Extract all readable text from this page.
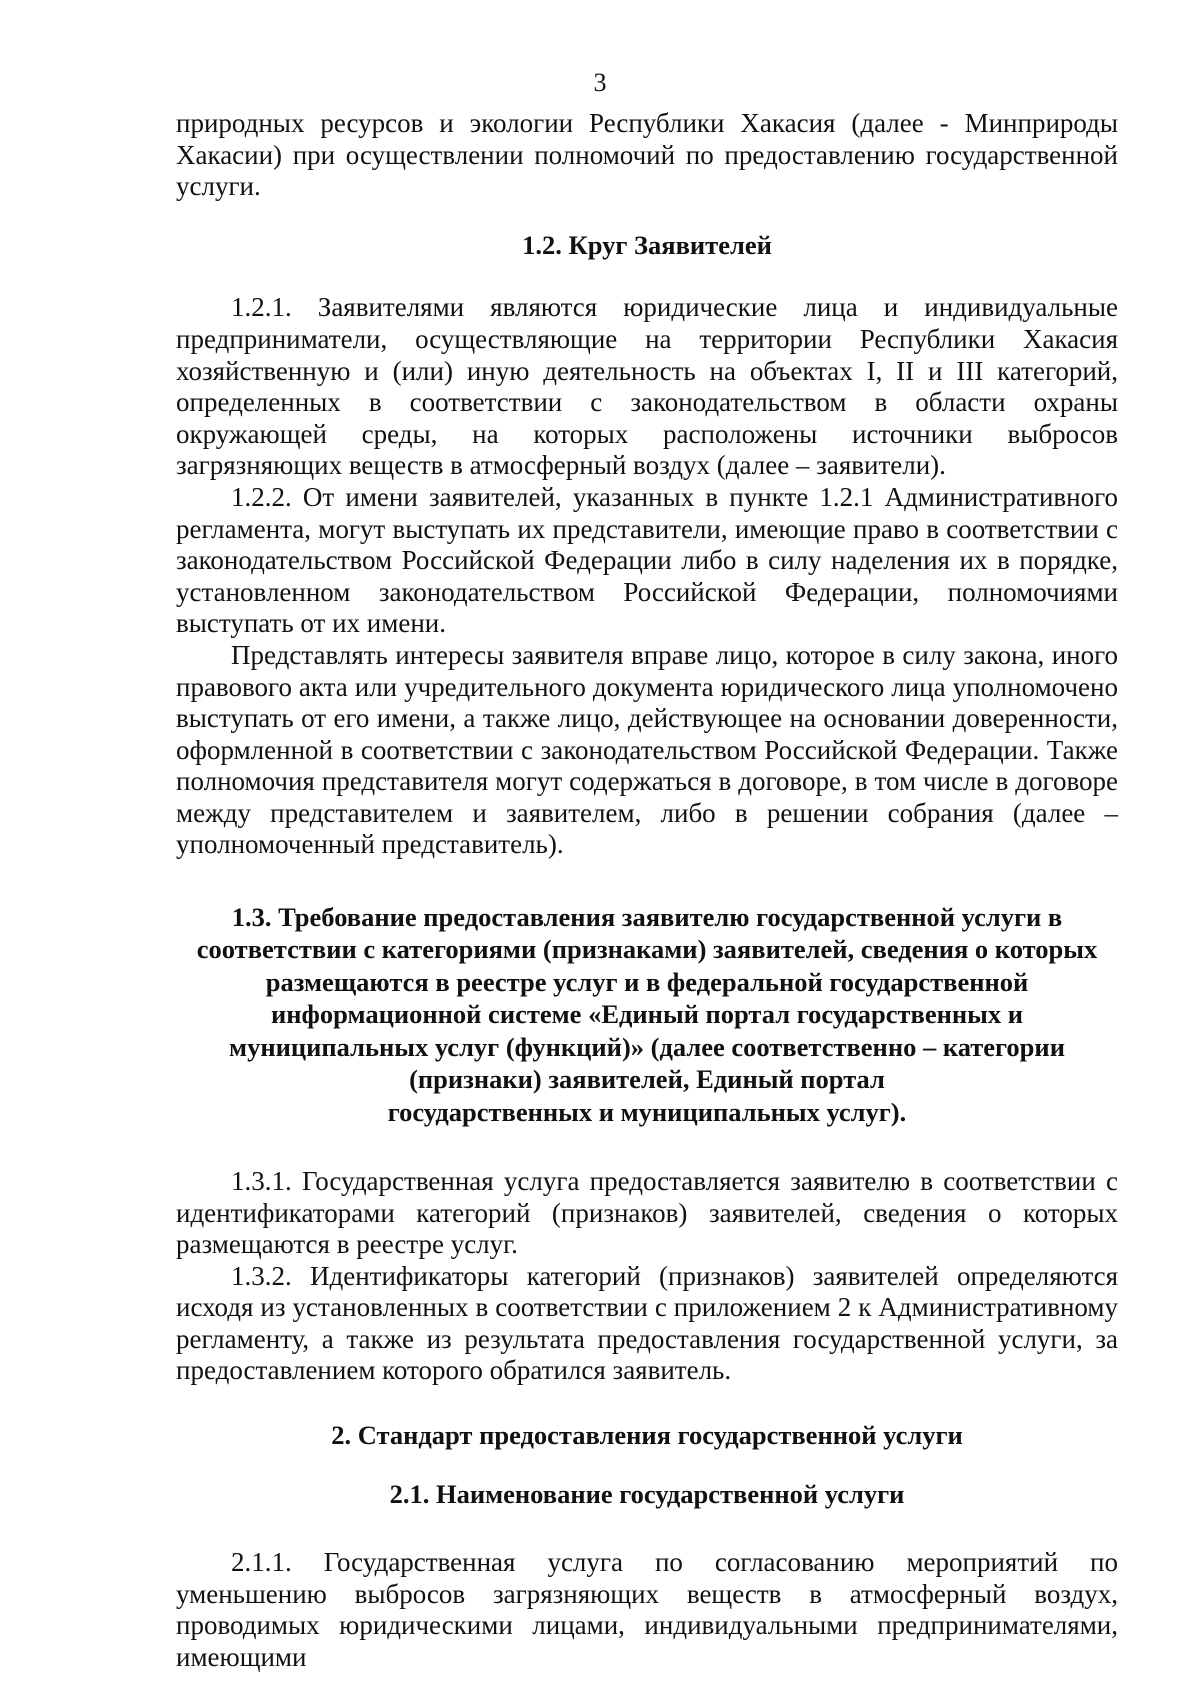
3

природных ресурсов и экологии Республики Хакасия (далее - Минприроды Хакасии) при осуществлении полномочий по предоставлению государственной услуги.

1.2. Круг Заявителей

1.2.1. Заявителями являются юридические лица и индивидуальные предприниматели, осуществляющие на территории Республики Хакасия хозяйственную и (или) иную деятельность на объектах I, II и III категорий, определенных в соответствии с законодательством в области охраны окружающей среды, на которых расположены источники выбросов загрязняющих веществ в атмосферный воздух (далее – заявители).

1.2.2. От имени заявителей, указанных в пункте 1.2.1 Административного регламента, могут выступать их представители, имеющие право в соответствии с законодательством Российской Федерации либо в силу наделения их в порядке, установленном законодательством Российской Федерации, полномочиями выступать от их имени.

Представлять интересы заявителя вправе лицо, которое в силу закона, иного правового акта или учредительного документа юридического лица уполномочено выступать от его имени, а также лицо, действующее на основании доверенности, оформленной в соответствии с законодательством Российской Федерации. Также полномочия представителя могут содержаться в договоре, в том числе в договоре между представителем и заявителем, либо в решении собрания (далее – уполномоченный представитель).

1.3. Требование предоставления заявителю государственной услуги в

соответствии с категориями (признаками) заявителей, сведения о которых

размещаются в реестре услуг и в федеральной государственной

информационной системе «Единый портал государственных и

муниципальных услуг (функций)» (далее соответственно – категории

(признаки) заявителей, Единый портал

государственных и муниципальных услуг).

1.3.1. Государственная услуга предоставляется заявителю в соответствии с идентификаторами категорий (признаков) заявителей, сведения о которых размещаются в реестре услуг.

1.3.2. Идентификаторы категорий (признаков) заявителей определяются исходя из установленных в соответствии с приложением 2 к Административному регламенту, а также из результата предоставления государственной услуги, за предоставлением которого обратился заявитель.

2. Стандарт предоставления государственной услуги

2.1. Наименование государственной услуги

2.1.1. Государственная услуга по согласованию мероприятий по уменьшению выбросов загрязняющих веществ в атмосферный воздух, проводимых юридическими лицами, индивидуальными предпринимателями, имеющими
